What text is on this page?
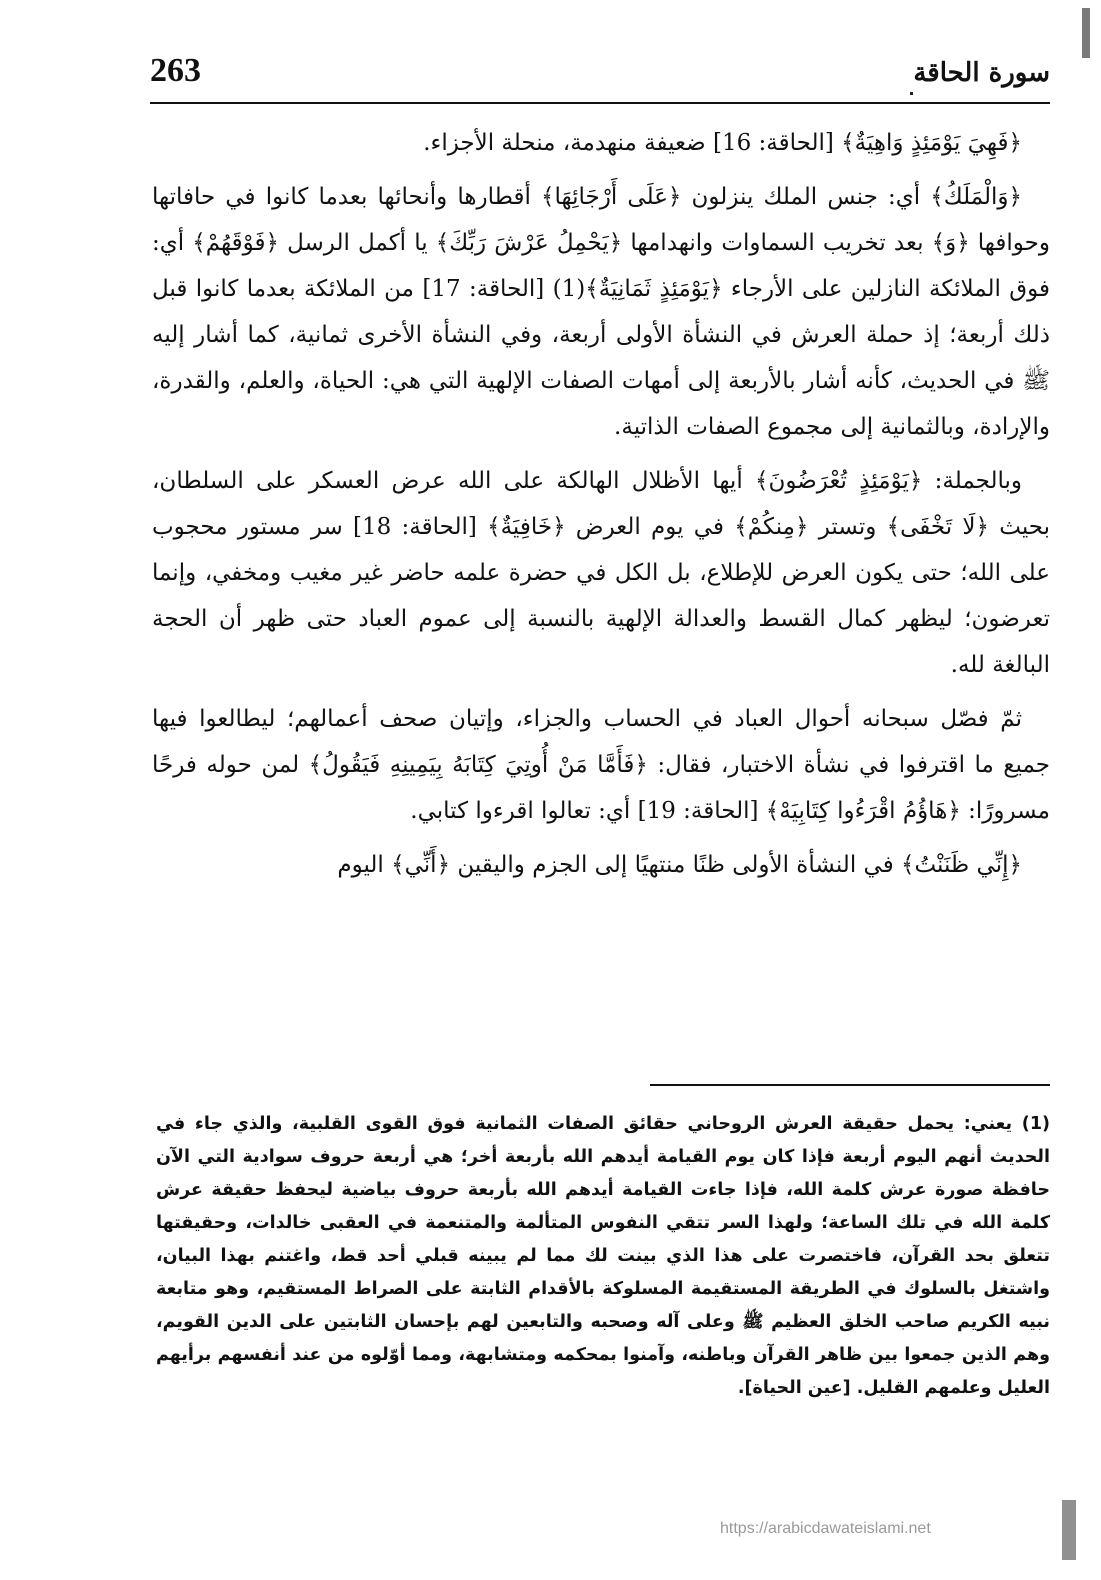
263	سورة الحاقة

﴿فَهِيَ يَوْمَئِذٍ وَاهِيَةٌ﴾ [الحاقة: 16] ضعيفة منهدمة، منحلة الأجزاء.

﴿وَالْمَلَكُ﴾ أي: جنس الملك ينزلون ﴿عَلَى أَرْجَائِهَا﴾ أقطارها وأنحائها بعدما كانوا في حافاتها وحوافها ﴿وَ﴾ بعد تخريب السماوات وانهدامها ﴿يَحْمِلُ عَرْشَ رَبِّكَ﴾ يا أكمل الرسل ﴿فَوْقَهُمْ﴾ أي: فوق الملائكة النازلين على الأرجاء ﴿يَوْمَئِذٍ ثَمَانِيَةٌ﴾(1) [الحاقة: 17] من الملائكة بعدما كانوا قبل ذلك أربعة؛ إذ حملة العرش في النشأة الأولى أربعة، وفي النشأة الأخرى ثمانية، كما أشار إليه ﷺ في الحديث، كأنه أشار بالأربعة إلى أمهات الصفات الإلهية التي هي: الحياة، والعلم، والقدرة، والإرادة، وبالثمانية إلى مجموع الصفات الذاتية.

وبالجملة: ﴿يَوْمَئِذٍ تُعْرَضُونَ﴾ أيها الأظلال الهالكة على الله عرض العسكر على السلطان، بحيث ﴿لَا تَخْفَى﴾ وتستر ﴿مِنكُمْ﴾ في يوم العرض ﴿خَافِيَةٌ﴾ [الحاقة: 18] سر مستور محجوب على الله؛ حتى يكون العرض للإطلاع، بل الكل في حضرة علمه حاضر غير مغيب ومخفي، وإنما تعرضون؛ ليظهر كمال القسط والعدالة الإلهية بالنسبة إلى عموم العباد حتى ظهر أن الحجة البالغة لله.

ثمّ فصّل سبحانه أحوال العباد في الحساب والجزاء، وإتيان صحف أعمالهم؛ ليطالعوا فيها جميع ما اقترفوا في نشأة الاختبار، فقال: ﴿فَأَمَّا مَنْ أُوتِيَ كِتَابَهُ بِيَمِينِهِ فَيَقُولُ﴾ لمن حوله فرحًا مسرورًا: ﴿هَاؤُمُ اقْرَءُوا كِتَابِيَهْ﴾ [الحاقة: 19] أي: تعالوا اقرءوا كتابي.

﴿إِنِّي ظَنَنْتُ﴾ في النشأة الأولى ظنًا منتهيًا إلى الجزم واليقين ﴿أَنِّي﴾ اليوم

(1) يعني: يحمل حقيقة العرش الروحاني حقائق الصفات الثمانية فوق القوى القلبية، والذي جاء في الحديث أنهم اليوم أربعة فإذا كان يوم القيامة أيدهم الله بأربعة أخر؛ هي أربعة حروف سوادية التي الآن حافظة صورة عرش كلمة الله، فإذا جاءت القيامة أيدهم الله بأربعة حروف بياضية ليحفظ حقيقة عرش كلمة الله في تلك الساعة؛ ولهذا السر تتقي النفوس المتألمة والمتنعمة في العقبى خالدات، وحقيقتها تتعلق بحد القرآن، فاختصرت على هذا الذي بينت لك مما لم يبينه قبلي أحد قط، واغتنم بهذا البيان، واشتغل بالسلوك في الطريقة المستقيمة المسلوكة بالأقدام الثابتة على الصراط المستقيم، وهو متابعة نبيه الكريم صاحب الخلق العظيم ﷺ وعلى آله وصحبه والتابعين لهم بإحسان الثابتين على الدين القويم، وهم الذين جمعوا بين ظاهر القرآن وباطنه، وآمنوا بمحكمه ومتشابهة، ومما أوّلوه من عند أنفسهم برأيهم العليل وعلمهم القليل. [عين الحياة].
https://arabicdawateislami.net
